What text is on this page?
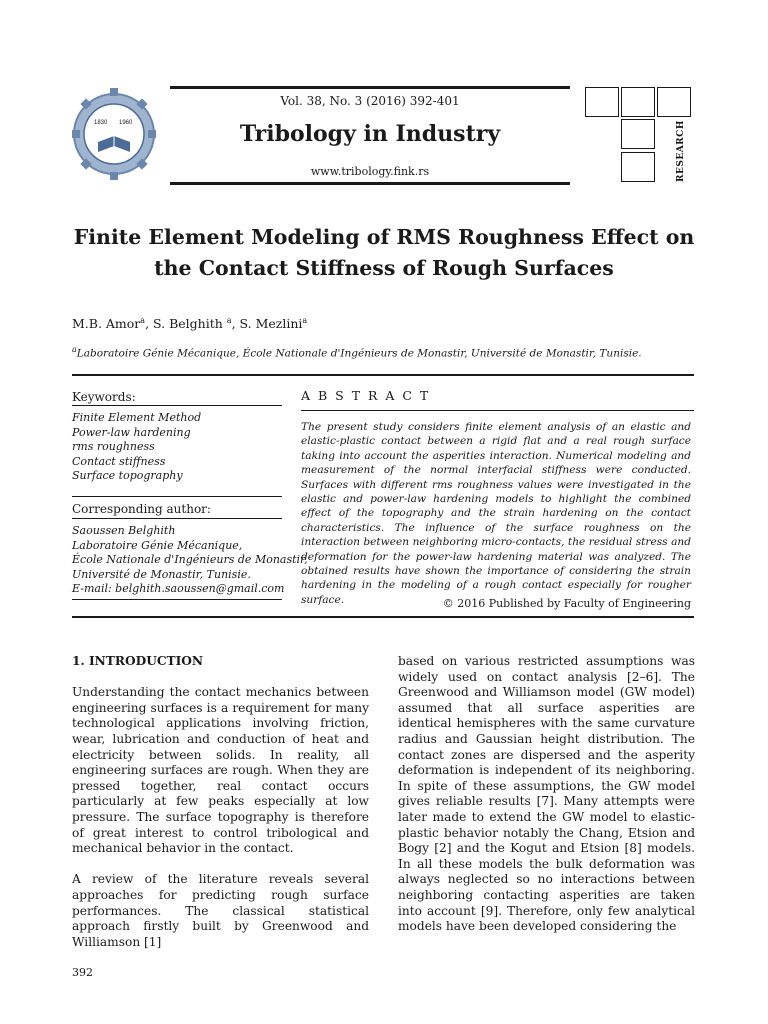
1830 1960
Vol. 38, No. 3 (2016) 392-401
Tribology in Industry
www.tribology.fink.rs	RESEARCH
Finite Element Modeling of RMS Roughness Effect on
the Contact Stiffness of Rough Surfaces
M.B. Amor$^a$, S. Belghith $^a$, S. Mezlini$^a$
$^a$Laboratoire Génie Mécanique, École Nationale d'Ingénieurs de Monastir, Université de Monastir, Tunisie.
Keywords:
Finite Element Method
Power-law hardening
rms roughness
Contact stiffness
Surface topography
Corresponding author:
Saoussen Belghith
Laboratoire Génie Mécanique,
École Nationale d'Ingénieurs de Monastir,
Université de Monastir, Tunisie.
E-mail: belghith.saoussen@gmail.com
A B S T R A C T
The present study considers finite element analysis of an elastic and elastic-plastic contact between a rigid flat and a real rough surface taking into account the asperities interaction. Numerical modeling and measurement of the normal interfacial stiffness were conducted. Surfaces with different rms roughness values were investigated in the elastic and power-law hardening models to highlight the combined effect of the topography and the strain hardening on the contact characteristics. The influence of the surface roughness on the interaction between neighboring micro-contacts, the residual stress and deformation for the power-law hardening material was analyzed. The obtained results have shown the importance of considering the strain hardening in the modeling of a rough contact especially for rougher surface.	© 2016 Published by Faculty of Engineering

1. INTRODUCTION

Understanding the contact mechanics between engineering surfaces is a requirement for many technological applications involving friction, wear, lubrication and conduction of heat and electricity between solids. In reality, all engineering surfaces are rough. When they are pressed together, real contact occurs particularly at few peaks especially at low pressure. The surface topography is therefore of great interest to control tribological and mechanical behavior in the contact.

A review of the literature reveals several approaches for predicting rough surface performances. The classical statistical approach firstly built by Greenwood and Williamson [1]

based on various restricted assumptions was widely used on contact analysis [2–6]. The Greenwood and Williamson model (GW model) assumed that all surface asperities are identical hemispheres with the same curvature radius and Gaussian height distribution. The contact zones are dispersed and the asperity deformation is independent of its neighboring. In spite of these assumptions, the GW model gives reliable results [7]. Many attempts were later made to extend the GW model to elastic-plastic behavior notably the Chang, Etsion and Bogy [2] and the Kogut and Etsion [8] models. In all these models the bulk deformation was always neglected so no interactions between neighboring contacting asperities are taken into account [9]. Therefore, only few analytical models have been developed considering the

392
